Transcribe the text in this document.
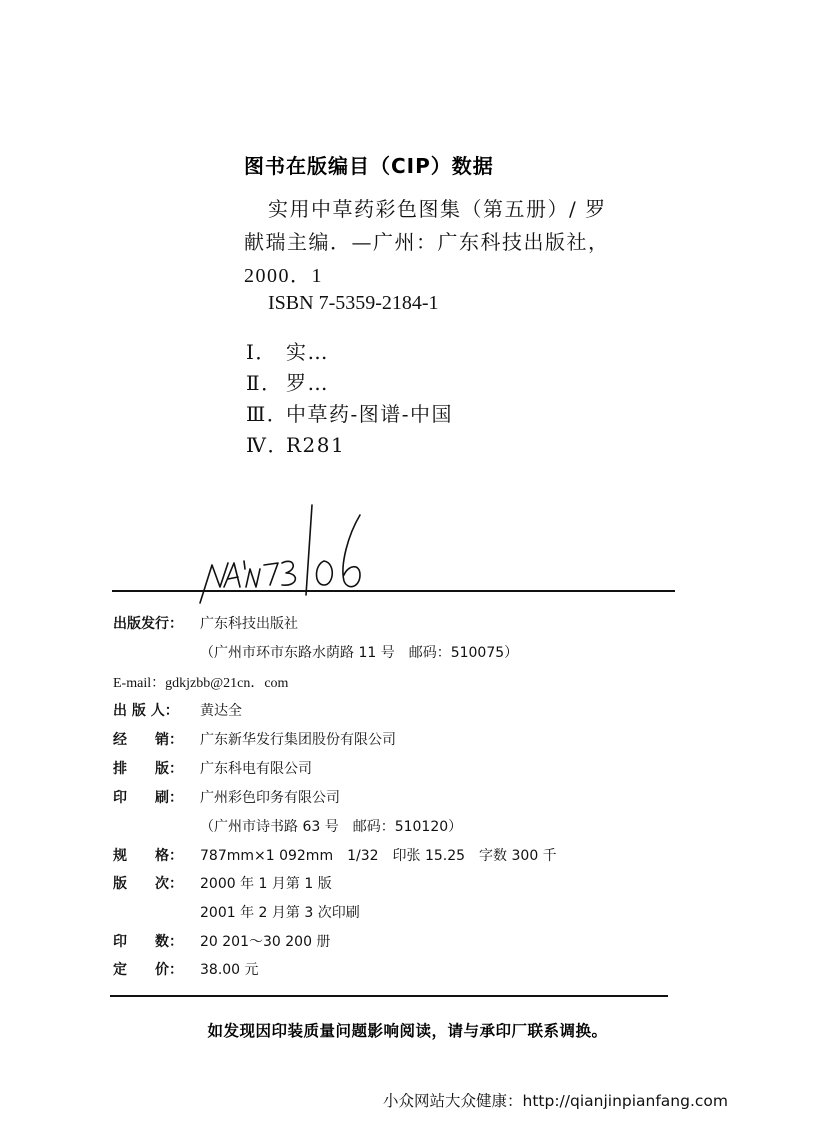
图书在版编目（CIP）数据
实用中草药彩色图集（第五册）/ 罗
献瑞主编．—广州：广东科技出版社，
2000．1
ISBN 7-5359-2184-1
Ⅰ． 实…
Ⅱ． 罗…
Ⅲ．中草药-图谱-中国
Ⅳ．R281
出版发行： 广东科技出版社
（广州市环市东路水荫路 11 号　邮码：510075）
E-mail：gdkjzbb@21cn．com
出 版 人： 黄达全
经　　销： 广东新华发行集团股份有限公司
排　　版： 广东科电有限公司
印　　刷： 广州彩色印务有限公司
（广州市诗书路 63 号　邮码：510120）
规　　格： 787mm×1 092mm　1/32　印张 15.25　字数 300 千
版　　次： 2000 年 1 月第 1 版
2001 年 2 月第 3 次印刷
印　　数： 20 201～30 200 册
定　　价： 38.00 元
如发现因印装质量问题影响阅读，请与承印厂联系调换。
小众网站大众健康：http://qianjinpianfang.com
